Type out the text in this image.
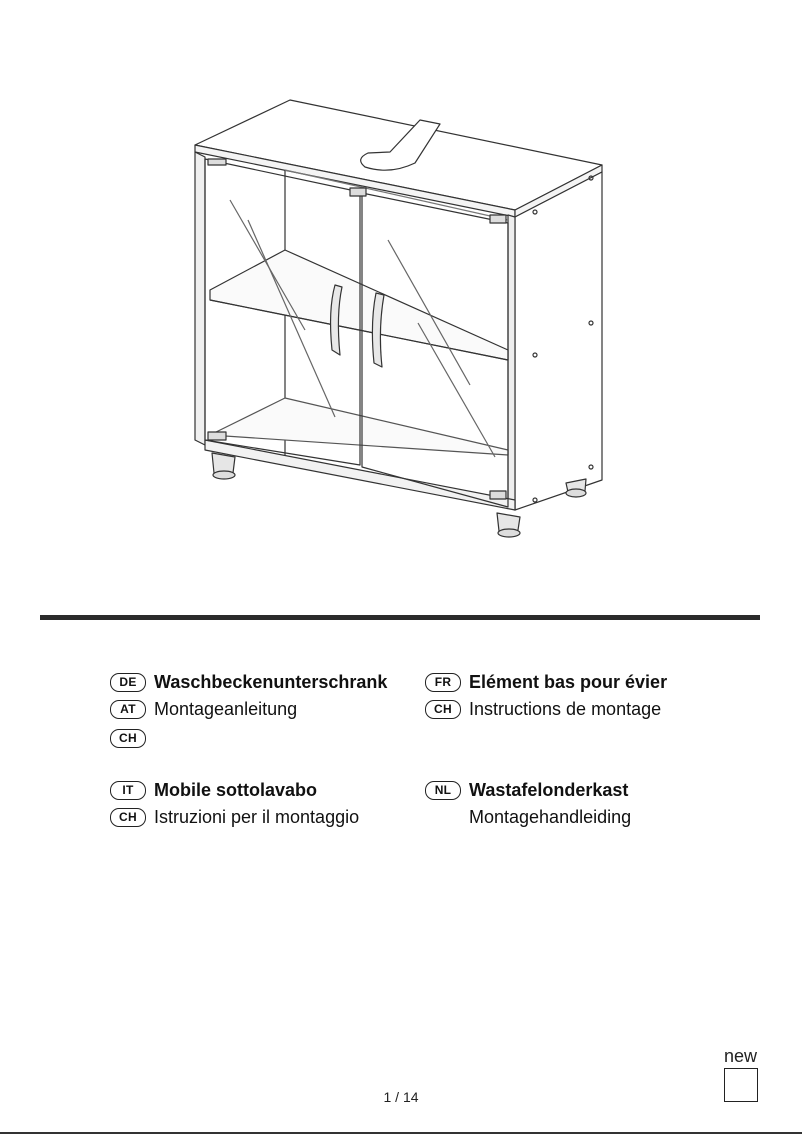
DE Waschbeckenunterschrank
AT	Montageanleitung
CH
FR Elément bas pour évier
CH Instructions de montage
IT	Mobile sottolavabo
CH Istruzioni per il montaggio
NL Wastafelonderkast
Montagehandleiding
1 / 14
new
